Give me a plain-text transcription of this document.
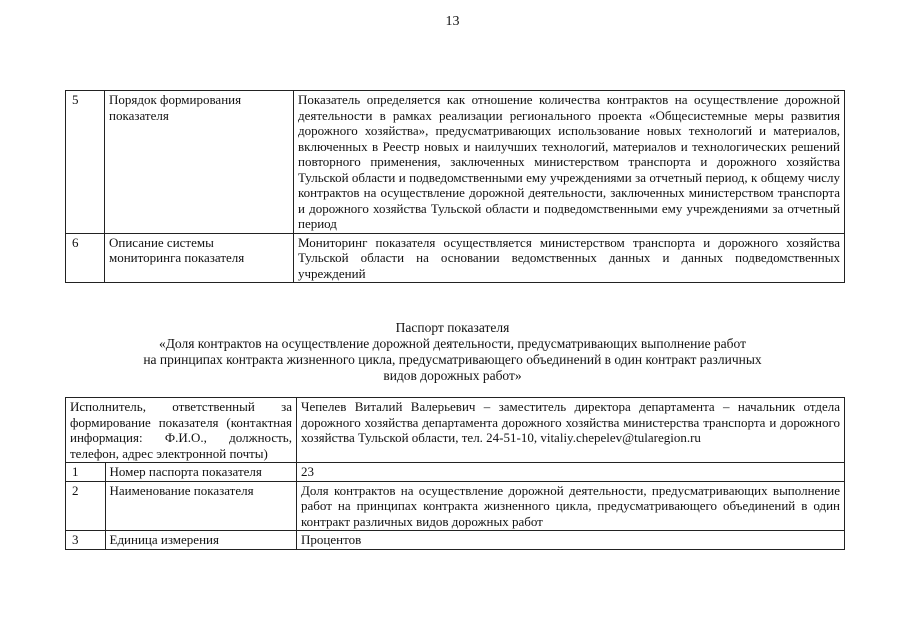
13
5	Порядок формирования показателя	Показатель определяется как отношение количества контрактов на осуществление дорожной деятельности в рамках реализации регионального проекта «Общесистемные меры развития дорожного хозяйства», предусматривающих использование новых технологий и материалов, включенных в Реестр новых и наилучших технологий, материалов и технологических решений повторного применения, заключенных министерством транспорта и дорожного хозяйства Тульской области и подведомственными ему учреждениями за отчетный период, к общему числу контрактов на осуществление дорожной деятельности, заключенных министерством транспорта и дорожного хозяйства Тульской области и подведомственными ему учреждениями за отчетный период
6	Описание системы мониторинга показателя	Мониторинг показателя осуществляется министерством транспорта и дорожного хозяйства Тульской области на основании ведомственных данных и данных подведомственных учреждений
Паспорт показателя
«Доля контрактов на осуществление дорожной деятельности, предусматривающих выполнение работ
на принципах контракта жизненного цикла, предусматривающего объединений в один контракт различных
видов дорожных работ»
Исполнитель, ответственный за формирование показателя (контактная информация: Ф.И.О., должность, телефон, адрес электронной почты)		Чепелев Виталий Валерьевич – заместитель директора департамента – начальник отдела дорожного хозяйства департамента дорожного хозяйства министерства транспорта и дорожного хозяйства Тульской области, тел. 24-51-10, vitaliy.chepelev@tularegion.ru
1	Номер паспорта показателя	23
2	Наименование показателя	Доля контрактов на осуществление дорожной деятельности, предусматривающих выполнение работ на принципах контракта жизненного цикла, предусматривающего объединений в один контракт различных видов дорожных работ
3	Единица измерения	Процентов
